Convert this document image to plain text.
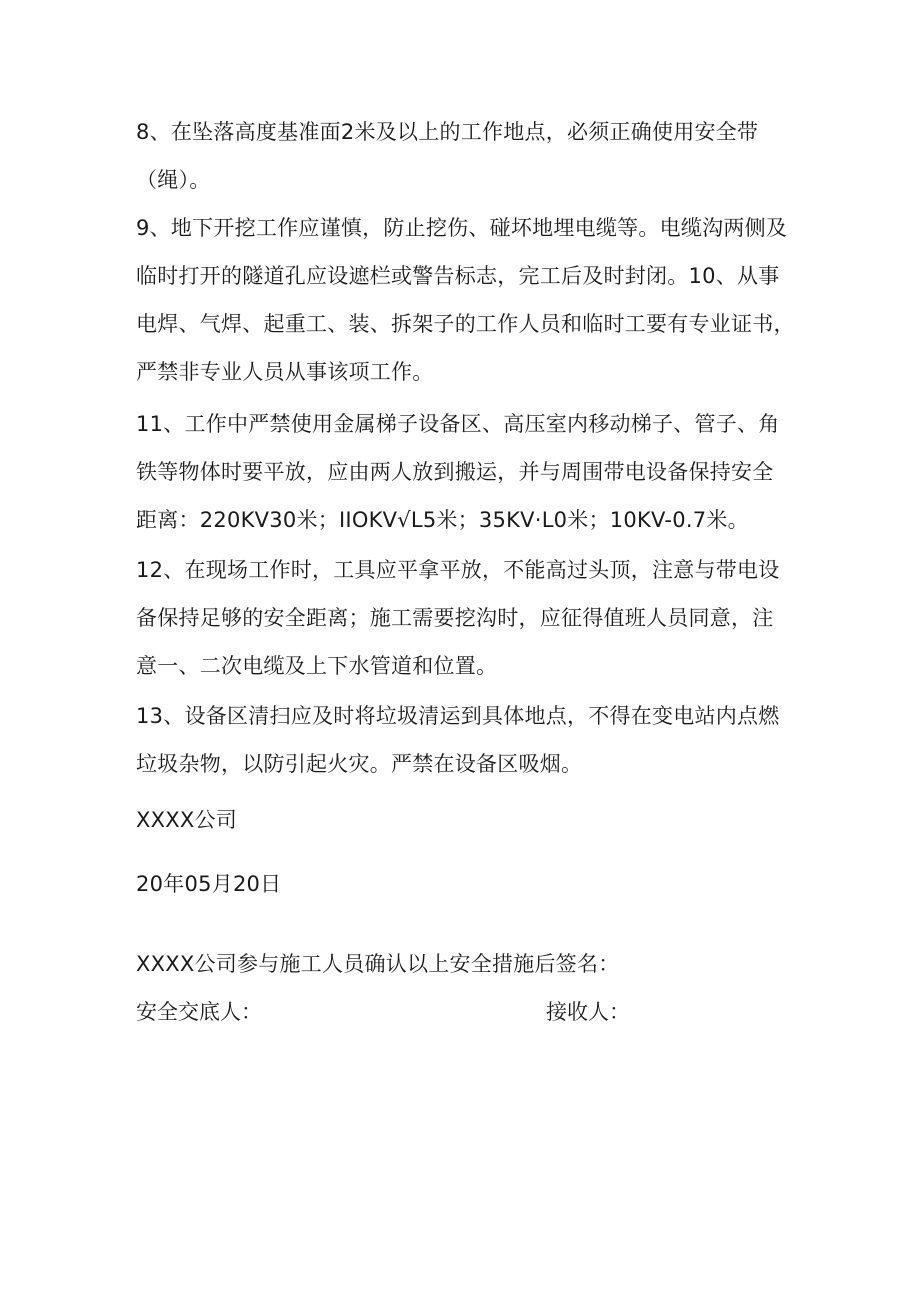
8、在坠落高度基准面2米及以上的工作地点，必须正确使用安全带
（绳）。
9、地下开挖工作应谨慎，防止挖伤、碰坏地埋电缆等。电缆沟两侧及
临时打开的隧道孔应设遮栏或警告标志，完工后及时封闭。10、从事
电焊、气焊、起重工、装、拆架子的工作人员和临时工要有专业证书，
严禁非专业人员从事该项工作。
11、工作中严禁使用金属梯子设备区、高压室内移动梯子、管子、角
铁等物体时要平放，应由两人放到搬运，并与周围带电设备保持安全
距离：220KV30米；IIOKV√L5米；35KV·L0米；10KV-0.7米。
12、在现场工作时，工具应平拿平放，不能高过头顶，注意与带电设
备保持足够的安全距离；施工需要挖沟时，应征得值班人员同意，注
意一、二次电缆及上下水管道和位置。
13、设备区清扫应及时将垃圾清运到具体地点，不得在变电站内点燃
垃圾杂物，以防引起火灾。严禁在设备区吸烟。
XXXX公司
20年05月20日
XXXX公司参与施工人员确认以上安全措施后签名：
安全交底人：	接收人：
